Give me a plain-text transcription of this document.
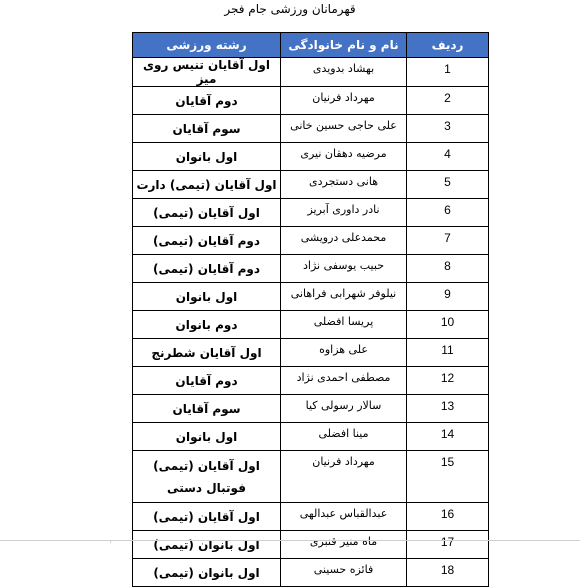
قهرمانان ورزشی جام فجر
ردیف	نام و نام خانوادگی	رشته ورزشی
1	بهشاد بدویدی	اول آقایان تنیس روی میز
2	مهرداد فرنیان	دوم آقایان
3	علی حاجی حسین خانی	سوم آقایان
4	مرضیه دهقان نیری	اول بانوان
5	هانی دستجردی	اول آقایان (تیمی) دارت
6	نادر داوری آبریز	اول آقایان (تیمی)
7	محمدعلی درویشی	دوم آقایان (تیمی)
8	حبیب یوسفی نژاد	دوم آقایان (تیمی)
9	نیلوفر شهرابی فراهانی	اول بانوان
10	پریسا افضلی	دوم بانوان
11	علی هزاوه	اول آقایان شطرنج
12	مصطفی احمدی نژاد	دوم آقایان
13	سالار رسولی کیا	سوم آقایان
14	مینا افضلی	اول بانوان
15	مهرداد فرنیان	اول آقایان (تیمی) فوتبال دستی
16	عبدالقباس عبدالهی	اول آقایان (تیمی)
17	ماه منیر قنبری	اول بانوان (تیمی)
18	فائزه حسینی	اول بانوان (تیمی)
